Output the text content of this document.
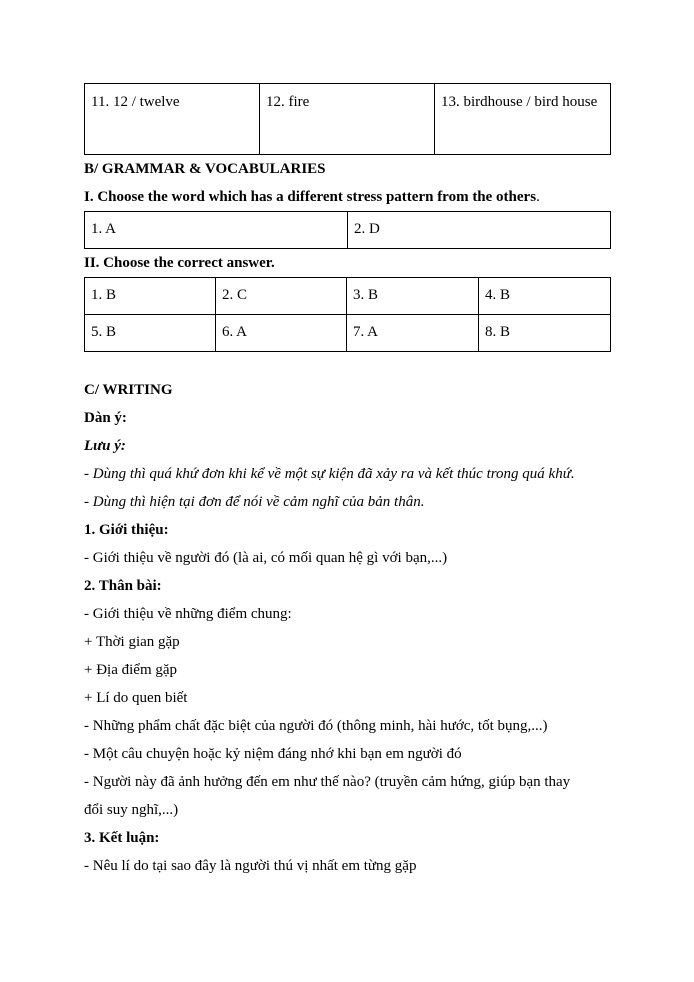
11. 12 / twelve	12. fire	13. birdhouse / bird house

B/ GRAMMAR & VOCABULARIES

I. Choose the word which has a different stress pattern from the others.

1. A	2. D

II. Choose the correct answer.

1. B	2. C	3. B	4. B
5. B	6. A	7. A	8. B

C/ WRITING

Dàn ý:

Lưu ý:

- Dùng thì quá khứ đơn khi kể về một sự kiện đã xảy ra và kết thúc trong quá khứ.

- Dùng thì hiện tại đơn để nói về cảm nghĩ của bản thân.

1. Giới thiệu:

- Giới thiệu về người đó (là ai, có mối quan hệ gì với bạn,...)

2. Thân bài:

- Giới thiệu về những điểm chung:

+ Thời gian gặp

+ Địa điểm gặp

+ Lí do quen biết

- Những phẩm chất đặc biệt của người đó (thông minh, hài hước, tốt bụng,...)

- Một câu chuyện hoặc kỷ niệm đáng nhớ khi bạn em người đó

- Người này đã ảnh hưởng đến em như thế nào? (truyền cảm hứng, giúp bạn thay

đổi suy nghĩ,...)

3. Kết luận:

- Nêu lí do tại sao đây là người thú vị nhất em từng gặp
